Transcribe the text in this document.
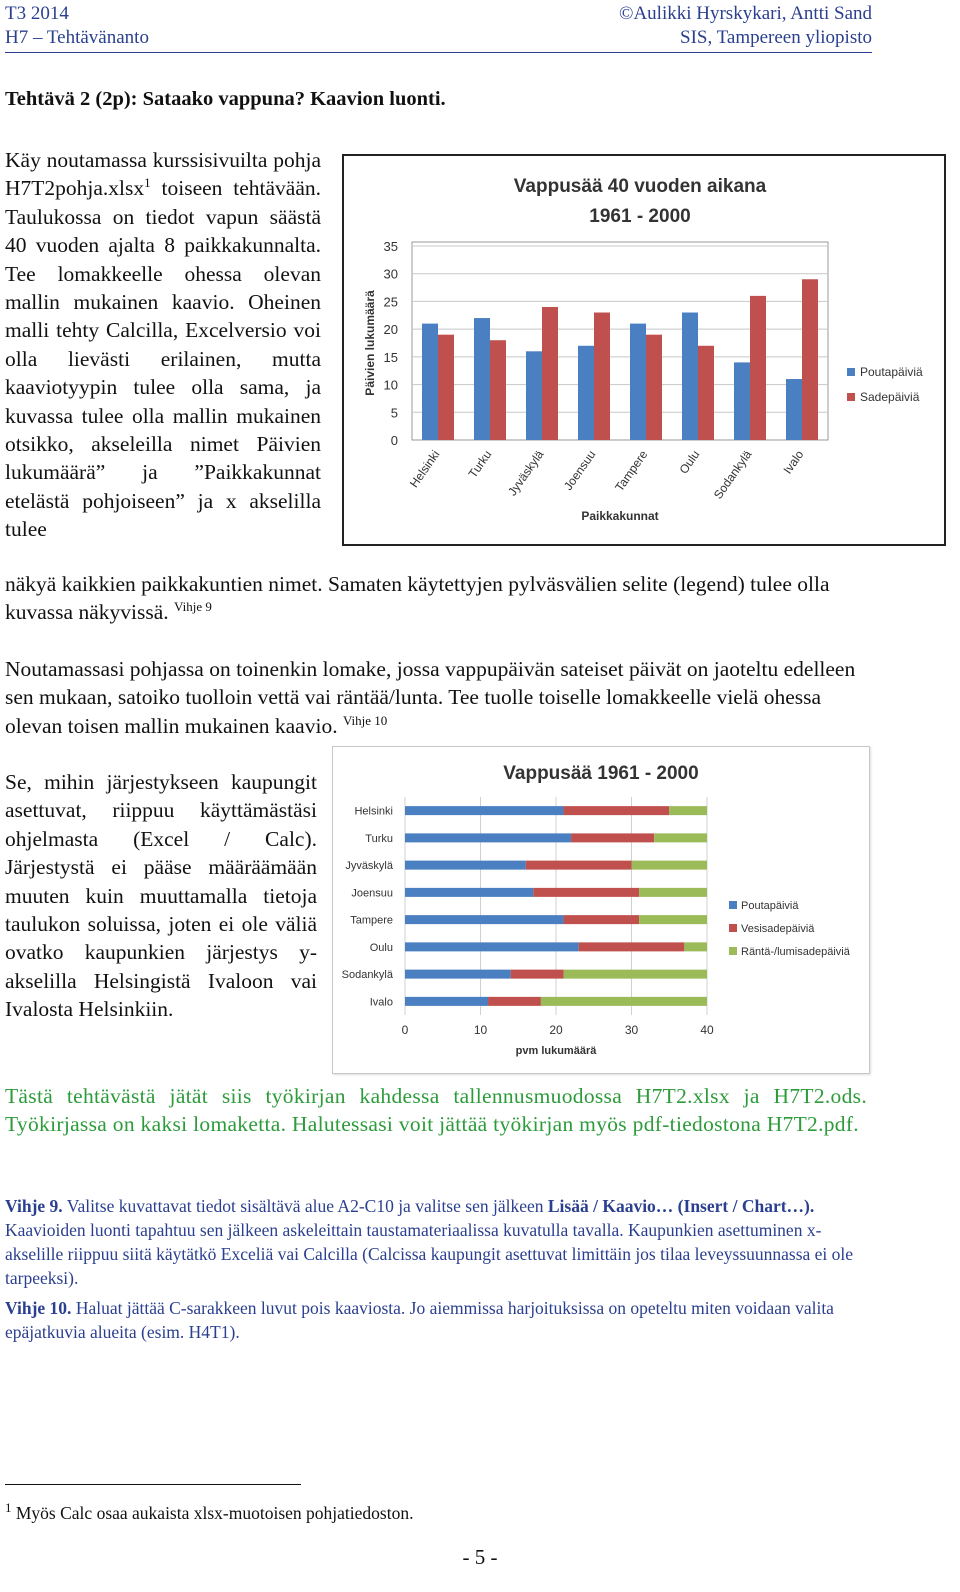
T3 2014
H7 – Tehtävänanto
©Aulikki Hyrskykari, Antti Sand
SIS, Tampereen yliopisto
Tehtävä 2 (2p): Sataako vappuna? Kaavion luonti.
Käy noutamassa kurssisivuilta pohja H7T2pohja.xlsx$^1$ toiseen tehtävään. Taulukossa on tiedot vapun säästä 40 vuoden ajalta 8 paikkakunnalta. Tee lomakkeelle ohessa olevan mallin mukainen kaavio. Oheinen malli tehty Calcilla, Excelversio voi olla lievästi erilainen, mutta kaaviotyypin tulee olla sama, ja kuvassa tulee olla mallin mukainen otsikko, akseleilla nimet Päivien lukumäärä” ja ”Paikkakunnat etelästä pohjoiseen” ja x akselilla tulee
näkyä kaikkien paikkakuntien nimet. Samaten käytettyjen pylväsvälien selite (legend) tulee olla kuvassa näkyvissä. $^{Vihje 9}$
Noutamassasi pohjassa on toinenkin lomake, jossa vappupäivän sateiset päivät on jaoteltu edelleen sen mukaan, satoiko tuolloin vettä vai räntää/lunta. Tee tuolle toiselle lomakkeelle vielä ohessa olevan toisen mallin mukainen kaavio. $^{Vihje 10}$
Se, mihin järjestykseen kaupungit asettuvat, riippuu käyttämästäsi ohjelmasta (Excel / Calc). Järjestystä ei pääse määräämään muuten kuin muuttamalla tietoja taulukon soluissa, joten ei ole väliä ovatko kaupunkien järjestys y-akselilla Helsingistä Ivaloon vai Ivalosta Helsinkiin.
Tästä tehtävästä jätät siis työkirjan kahdessa tallennusmuodossa H7T2.xlsx ja H7T2.ods. Työkirjassa on kaksi lomaketta. Halutessasi voit jättää työkirjan myös pdf-tiedostona H7T2.pdf.

Vihje 9. Valitse kuvattavat tiedot sisältävä alue A2-C10 ja valitse sen jälkeen Lisää / Kaavio… (Insert / Chart…). Kaavioiden luonti tapahtuu sen jälkeen askeleittain taustamateriaalissa kuvatulla tavalla. Kaupunkien asettuminen x-akselille riippuu siitä käytätkö Exceliä vai Calcilla (Calcissa kaupungit asettuvat limittäin jos tilaa leveyssuunnassa ei ole tarpeeksi).

Vihje 10. Haluat jättää C-sarakkeen luvut pois kaaviosta. Jo aiemmissa harjoituksissa on opeteltu miten voidaan valita epäjatkuvia alueita (esim. H4T1).

$^1$ Myös Calc osaa aukaista xlsx-muotoisen pohjatiedoston.
- 5 -
Vappusää 40 vuoden aikana
1961 - 2000
0
5
10
15
20
25
30
35
Päivien lukumäärä
Helsinki Turku Jyväskylä Joensuu Tampere Oulu Sodankylä Ivalo
Paikkakunnat
Poutapäiviä
Sadepäiviä
Vappusää 1961 - 2000
0	10	20	30	40
pvm lukumäärä
Helsinki
Turku
Jyväskylä
Joensuu
Tampere
Oulu
Sodankylä
Ivalo
Poutapäiviä
Vesisadepäiviä
Räntä-/lumisadepäiviä
